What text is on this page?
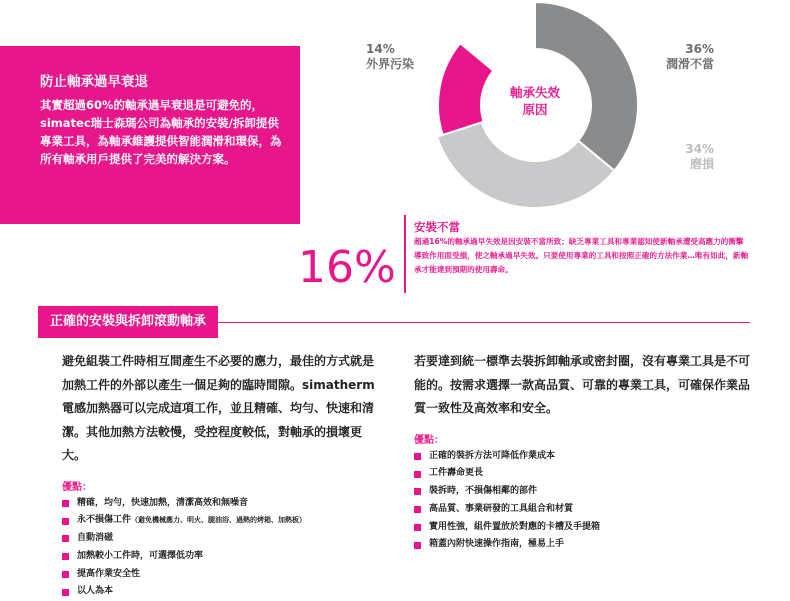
防止軸承過早衰退

其實超過60%的軸承過早衰退是可避免的，simatec瑞士森瑪公司為軸承的安裝/拆卸提供專業工具，為軸承維護提供智能潤滑和環保，為所有軸承用戶提供了完美的解決方案。

軸承失效
原因
14%
外界污染
36%
潤滑不當
34%
磨損
16%
安裝不當
超過16%的軸承過早失效是因安裝不當所致；缺乏專業工具和專業認知使新軸承遭受高應力的衝擊導致作用面受損，使之軸承過早失效。只要使用專業的工具和按照正確的方法作業…唯有如此，新軸承才能達到預期的使用壽命。
正確的安裝與拆卸滾動軸承

避免組裝工件時相互間產生不必要的應力，最佳的方式就是加熱工件的外部以產生一個足夠的臨時間隙。simatherm電感加熱器可以完成這項工作，並且精確、均勻、快速和清潔。其他加熱方法較慢，受控程度較低，對軸承的損壞更大。

優點：
精確，均勻，快速加熱，清潔高效和無噪音
永不損傷工件 （避免機械應力、明火、腿油浴、過熱的烤箱、加熱板）
自動消磁
加熱較小工件時，可選擇低功率
提高作業安全性
以人為本

若要達到統一標準去裝拆卸軸承或密封圈，沒有專業工具是不可能的。按需求選擇一款高品質、可靠的專業工具，可確保作業品質一致性及高效率和安全。

優點：
正確的裝拆方法可降低作業成本
工件壽命更長
裝拆時，不損傷相鄰的部件
高品質、事業研發的工具組合和材質
實用性強，組件置放於對應的卡槽及手提箱
箱蓋內附快速操作指南，極易上手
